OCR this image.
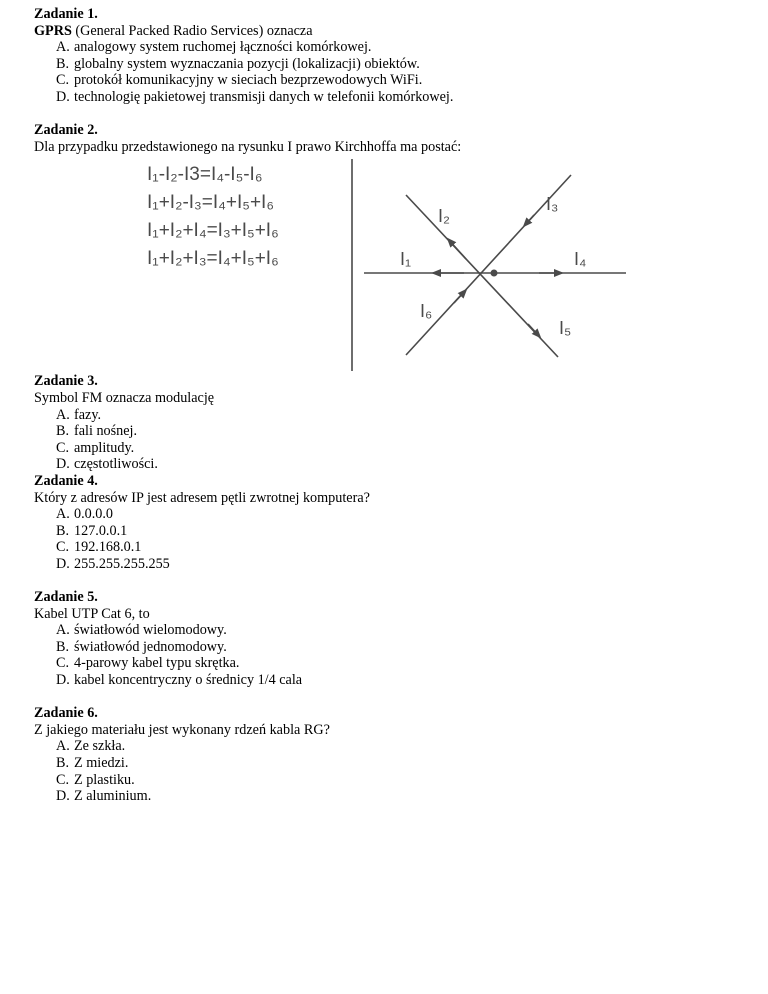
Zadanie 1.
GPRS (General Packed Radio Services) oznacza
A. analogowy system ruchomej łączności komórkowej.
B. globalny system wyznaczania pozycji (lokalizacji) obiektów.
C. protokół komunikacyjny w sieciach bezprzewodowych WiFi.
D. technologię pakietowej transmisji danych w telefonii komórkowej.
Zadanie 2.
Dla przypadku przedstawionego na rysunku I prawo Kirchhoffa ma postać:
I₁-I₂-I3=I₄-I₅-I₆
I₁+I₂-I₃=I₄+I₅+I₆
I₁+I₂+I₄=I₃+I₅+I₆
I₁+I₂+I₃=I₄+I₅+I₆
I₂
I₃
I₁	I₄
I₆
I₅
Zadanie 3.
Symbol FM oznacza modulację
A. fazy.
B. fali nośnej.
C. amplitudy.
D. częstotliwości.
Zadanie 4.
Który z adresów IP jest adresem pętli zwrotnej komputera?
A. 0.0.0.0
B. 127.0.0.1
C. 192.168.0.1
D. 255.255.255.255
Zadanie 5.
Kabel UTP Cat 6, to
A. światłowód wielomodowy.
B. światłowód jednomodowy.
C. 4-parowy kabel typu skrętka.
D. kabel koncentryczny o średnicy 1/4 cala
Zadanie 6.
Z jakiego materiału jest wykonany rdzeń kabla RG?
A. Ze szkła.
B. Z miedzi.
C. Z plastiku.
D. Z aluminium.
